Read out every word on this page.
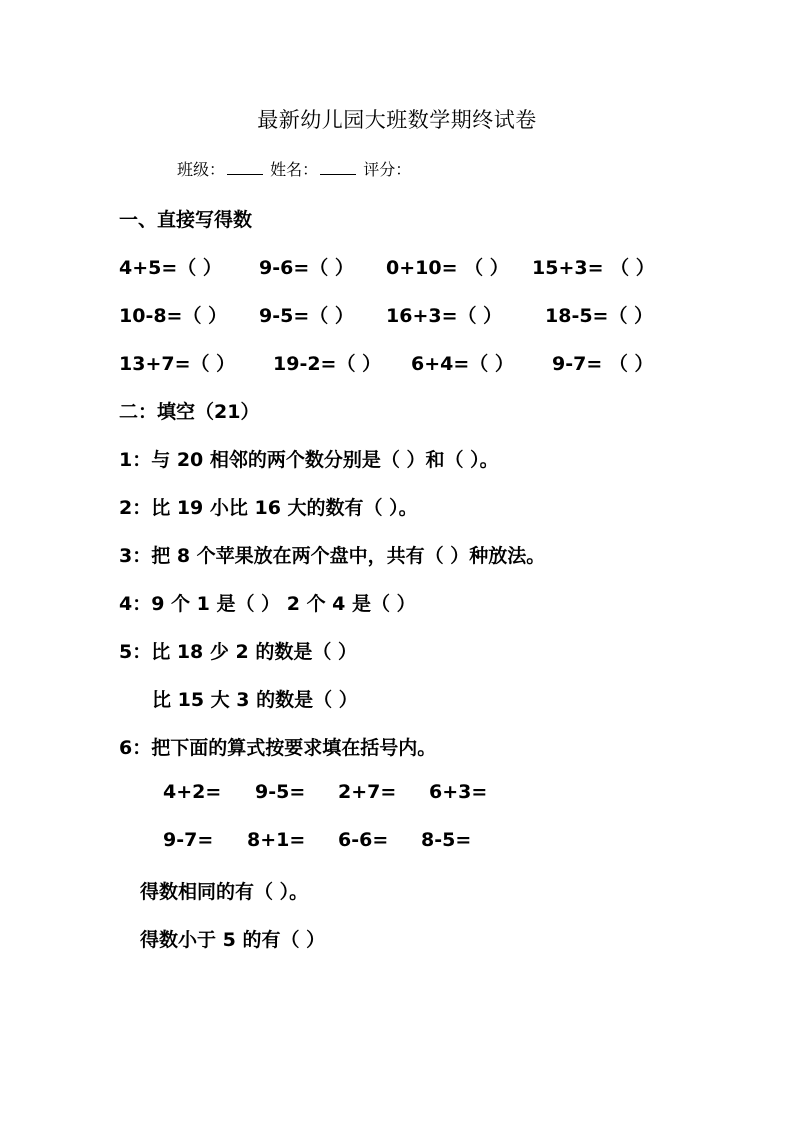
最新幼儿园大班数学期终试卷
班级：	姓名：	评分：
一、直接写得数
4+5=（ ） 9-6=（ ） 0+10= （ ） 15+3= （ ）
10-8=（ ） 9-5=（ ） 16+3=（ ） 18-5=（ ）
13+7=（ ） 19-2=（ ） 6+4=（ ） 9-7= （ ）
二：填空（21）
1：与 20 相邻的两个数分别是（ ）和（ ）。
2：比 19 小比 16 大的数有（ ）。
3：把 8 个苹果放在两个盘中，共有（ ）种放法。
4：9 个 1 是（ ） 2 个 4 是（ ）
5：比 18 少 2 的数是（ ）
比 15 大 3 的数是（ ）
6：把下面的算式按要求填在括号内。
4+2= 9-5= 2+7= 6+3=
9-7= 8+1= 6-6= 8-5=
得数相同的有（ ）。
得数小于 5 的有（ ）
